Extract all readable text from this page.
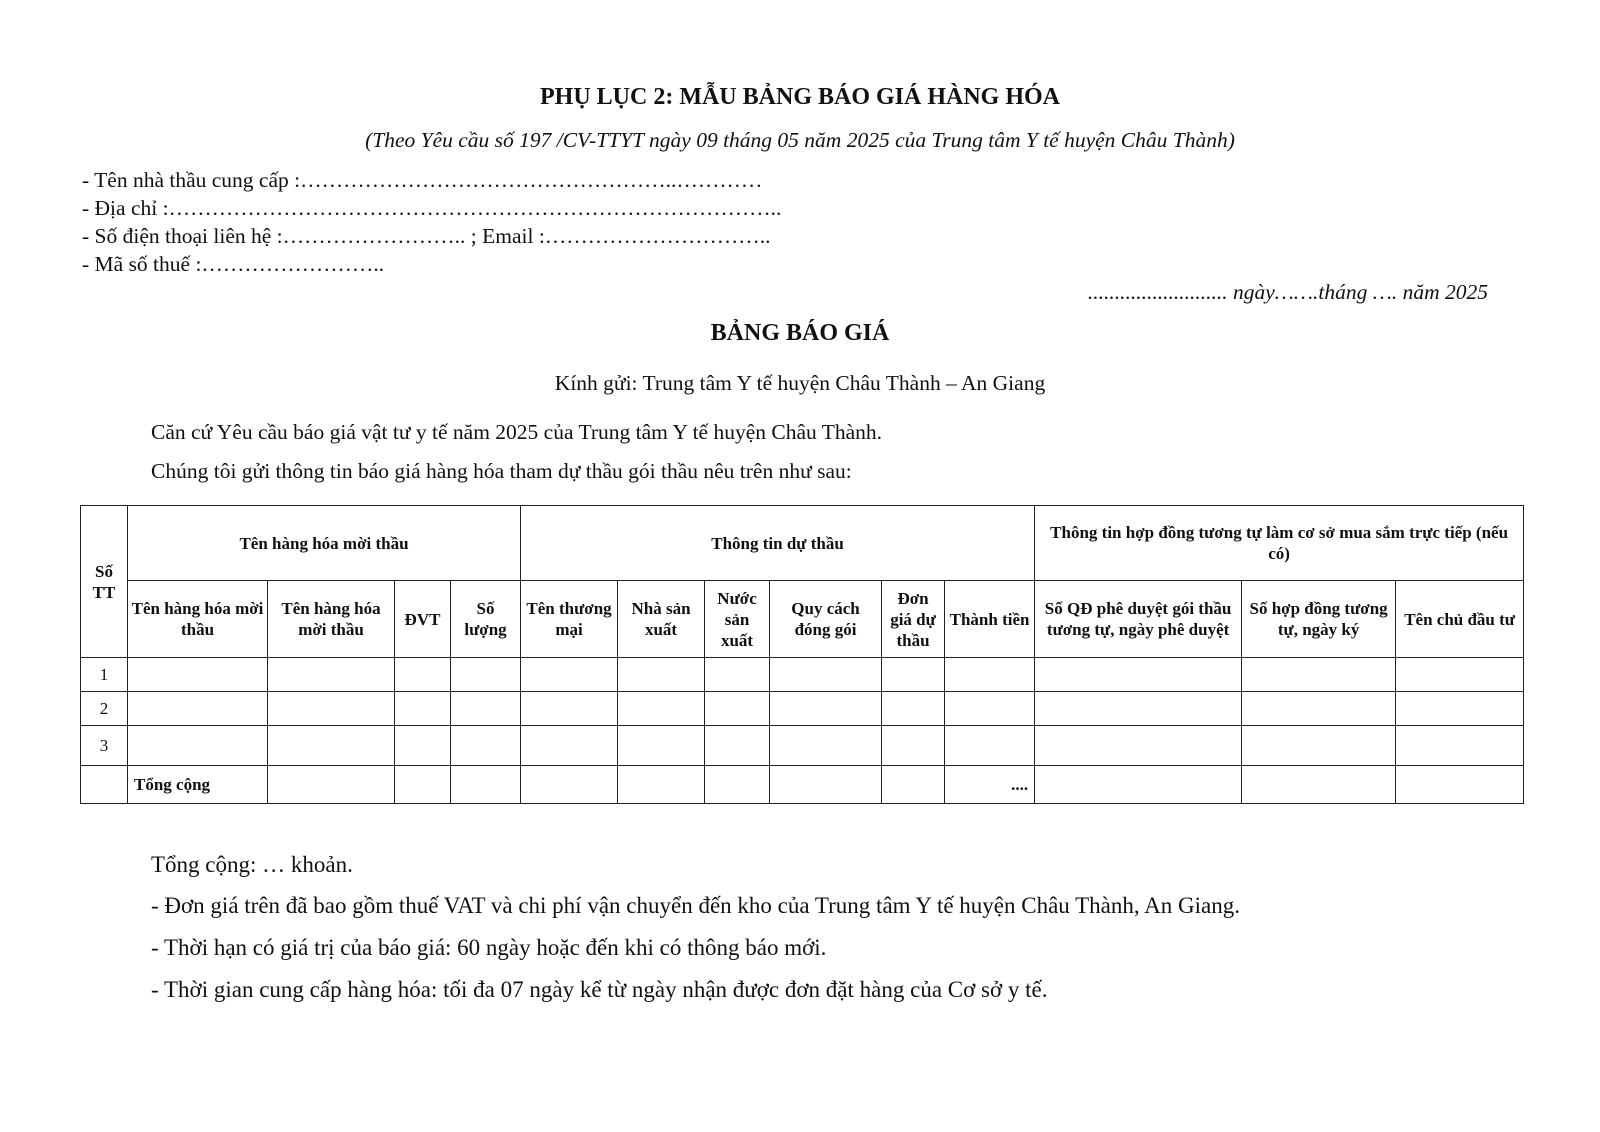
PHỤ LỤC 2: MẪU BẢNG BÁO GIÁ HÀNG HÓA
(Theo Yêu cầu số 197 /CV-TTYT ngày 09 tháng 05 năm 2025 của Trung tâm Y tế huyện Châu Thành)
- Tên nhà thầu cung cấp :……………………………………………..…………
- Địa chỉ :…………………………………………………………………………..
- Số điện thoại liên hệ :…………………….. ; Email :…………………………..
- Mã số thuế :……………………..
.......................... ngày…….tháng …. năm 2025
BẢNG BÁO GIÁ
Kính gửi: Trung tâm Y tế huyện Châu Thành – An Giang
Căn cứ Yêu cầu báo giá vật tư y tế năm 2025 của Trung tâm Y tế huyện Châu Thành.
Chúng tôi gửi thông tin báo giá hàng hóa tham dự thầu gói thầu nêu trên như sau:
Số TT	Tên hàng hóa mời thầu				Thông tin dự thầu						Thông tin hợp đồng tương tự làm cơ sở mua sắm trực tiếp (nếu có)		
	Tên hàng hóa mời thầu	Tên hàng hóa mời thầu	ĐVT	Số lượng	Tên thương mại	Nhà sản xuất	Nước sản xuất	Quy cách đóng gói	Đơn giá dự thầu	Thành tiền	Số QĐ phê duyệt gói thầu tương tự, ngày phê duyệt	Số hợp đồng tương tự, ngày ký	Tên chủ đầu tư
1													
2													
3													
	Tổng cộng									....			
Tổng cộng: … khoản.
- Đơn giá trên đã bao gồm thuế VAT và chi phí vận chuyển đến kho của Trung tâm Y tế huyện Châu Thành, An Giang.
- Thời hạn có giá trị của báo giá: 60 ngày hoặc đến khi có thông báo mới.
- Thời gian cung cấp hàng hóa: tối đa 07 ngày kể từ ngày nhận được đơn đặt hàng của Cơ sở y tế.
